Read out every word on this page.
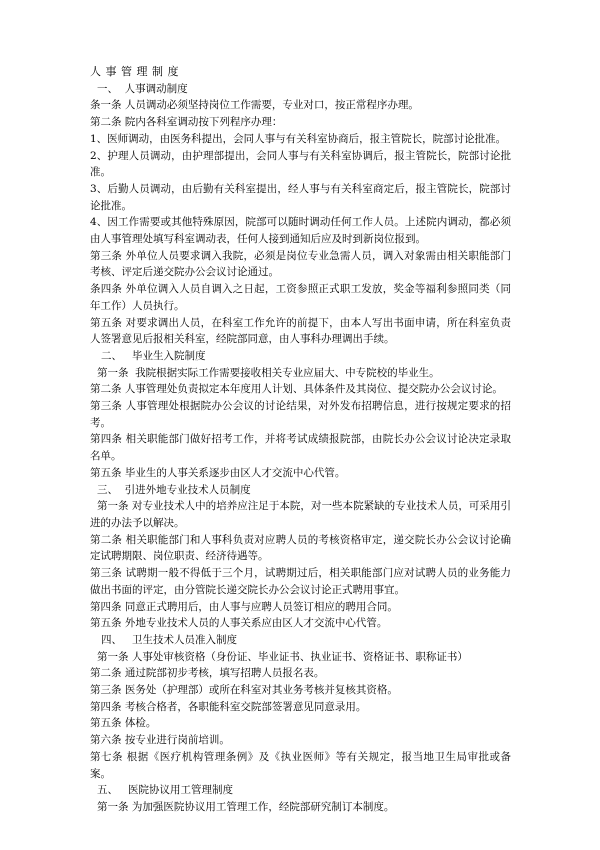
人 事 管 理 制 度

一、  人事调动制度

条一条 人员调动必须坚持岗位工作需要，专业对口，按正常程序办理。

第二条 院内各科室调动按下列程序办理：

1、医师调动，由医务科提出，会同人事与有关科室协商后，报主管院长，院部讨论批准。

2、护理人员调动，由护理部提出，会同人事与有关科室协调后，报主管院长，院部讨论批准。

3、后勤人员调动，由后勤有关科室提出，经人事与有关科室商定后，报主管院长，院部讨论批准。

4、因工作需要或其他特殊原因，院部可以随时调动任何工作人员。上述院内调动，都必须由人事管理处填写科室调动表，任何人接到通知后应及时到新岗位报到。

第三条 外单位人员要求调入我院，必须是岗位专业急需人员，调入对象需由相关职能部门考核、评定后递交院办公会议讨论通过。

条四条 外单位调入人员自调入之日起，工资参照正式职工发放，奖金等福利参照同类（同年工作）人员执行。

第五条 对要求调出人员，在科室工作允许的前提下，由本人写出书面申请，所在科室负责人签署意见后报相关科室，经院部同意，由人事科办理调出手续。

二、   毕业生入院制度

第一条  我院根据实际工作需要接收相关专业应届大、中专院校的毕业生。

第二条 人事管理处负责拟定本年度用人计划、具体条件及其岗位、提交院办公会议讨论。

第三条 人事管理处根据院办公会议的讨论结果，对外发布招聘信息，进行按规定要求的招考。

第四条 相关职能部门做好招考工作，并将考试成绩报院部，由院长办公会议讨论决定录取名单。

第五条 毕业生的人事关系逐步由区人才交流中心代管。

三、  引进外地专业技术人员制度

第一条 对专业技术人中的培养应注足于本院，对一些本院紧缺的专业技术人员，可采用引进的办法予以解决。

第二条 相关职能部门和人事科负责对应聘人员的考核资格审定，递交院长办公会议讨论确定试聘期限、岗位职责、经济待遇等。

第三条 试聘期一般不得低于三个月，试聘期过后，相关职能部门应对试聘人员的业务能力做出书面的评定，由分管院长递交院长办公会议讨论正式聘用事宜。

第四条 同意正式聘用后，由人事与应聘人员签订相应的聘用合同。

第五条 外地专业技术人员的人事关系应由区人才交流中心代管。

四、   卫生技术人员准入制度

第一条 人事处审核资格（身份证、毕业证书、执业证书、资格证书、职称证书）

第二条 通过院部初步考核，填写招聘人员报名表。

第三条 医务处（护理部）或所在科室对其业务考核并复核其资格。

第四条 考核合格者，各职能科室交院部签署意见同意录用。

第五条 体检。

第六条 按专业进行岗前培训。

第七条 根据《医疗机构管理条例》及《执业医师》等有关规定，报当地卫生局审批或备案。

五、   医院协议用工管理制度

第一条 为加强医院协议用工管理工作，经院部研究制订本制度。
